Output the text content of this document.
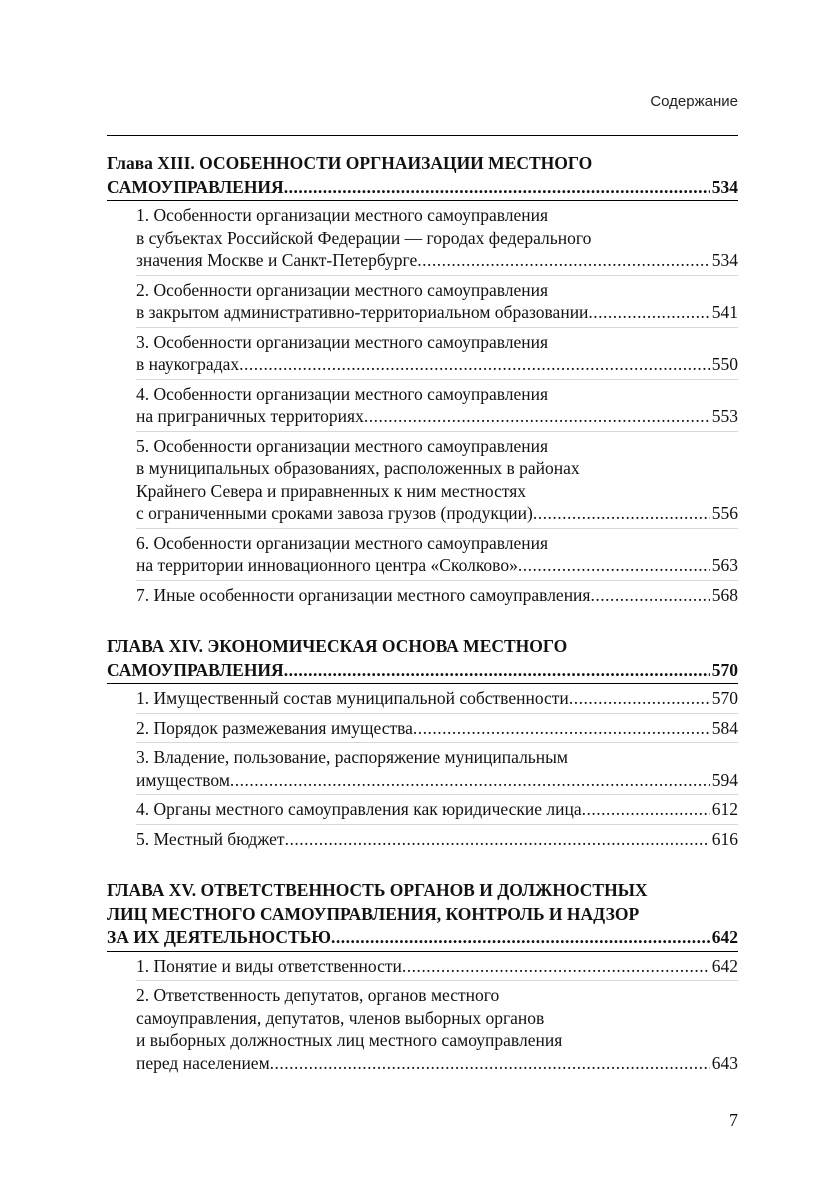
Содержание
Глава XIII. ОСОБЕННОСТИ ОРГНАИЗАЦИИ МЕСТНОГО
САМОУПРАВЛЕНИЯ .....	534
1. Особенности организации местного самоуправления
в субъектах Российской Федерации — городах федерального
значения Москве и Санкт-Петербурге .....	534
2. Особенности организации местного самоуправления
в закрытом административно-территориальном образовании .....	541
3. Особенности организации местного самоуправления
в наукоградах .....	550
4. Особенности организации местного самоуправления
на приграничных территориях .....	553
5. Особенности организации местного самоуправления
в муниципальных образованиях, расположенных в районах
Крайнего Севера и приравненных к ним местностях
с ограниченными сроками завоза грузов (продукции) .....	556
6. Особенности организации местного самоуправления
на территории инновационного центра «Сколково» .....	563
7. Иные особенности организации местного самоуправления .....	568
ГЛАВА XIV. ЭКОНОМИЧЕСКАЯ ОСНОВА МЕСТНОГО
САМОУПРАВЛЕНИЯ .....	570
1. Имущественный состав муниципальной собственности .....	570
2. Порядок размежевания имущества .....	584
3. Владение, пользование, распоряжение муниципальным
имуществом .....	594
4. Органы местного самоуправления как юридические лица .....	612
5. Местный бюджет .....	616
ГЛАВА XV. ОТВЕТСТВЕННОСТЬ ОРГАНОВ И ДОЛЖНОСТНЫХ
ЛИЦ МЕСТНОГО САМОУПРАВЛЕНИЯ, КОНТРОЛЬ И НАДЗОР
ЗА ИХ ДЕЯТЕЛЬНОСТЬЮ .....	642
1. Понятие и виды ответственности .....	642
2. Ответственность депутатов, органов местного
самоуправления, депутатов, членов выборных органов
и выборных должностных лиц местного самоуправления
перед населением .....	643
7
